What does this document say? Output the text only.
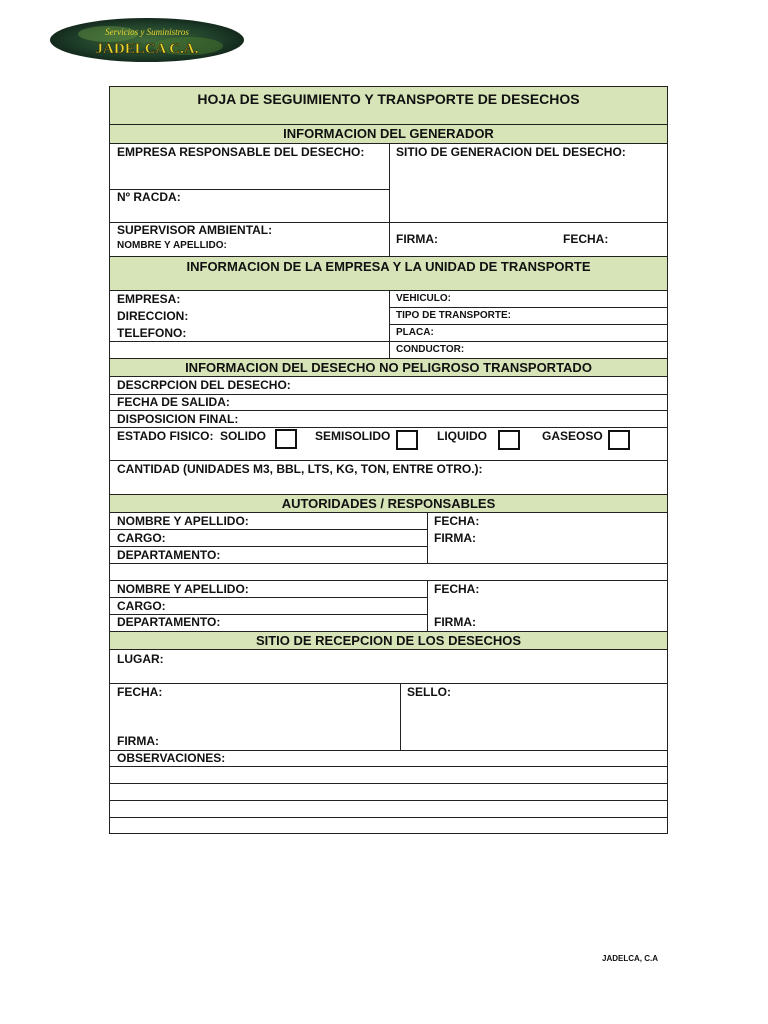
Servicios y Suministros
JADELCA C.A.
HOJA DE SEGUIMIENTO Y TRANSPORTE DE DESECHOS
INFORMACION DEL GENERADOR
EMPRESA RESPONSABLE DEL DESECHO:	SITIO DE GENERACION DEL DESECHO:
Nº RACDA:
SUPERVISOR AMBIENTAL:
NOMBRE Y APELLIDO:	FIRMA:	FECHA:
INFORMACION DE LA EMPRESA Y LA UNIDAD DE TRANSPORTE
EMPRESA:	VEHICULO:
DIRECCION:	TIPO DE TRANSPORTE:
TELEFONO:	PLACA:
CONDUCTOR:
INFORMACION DEL DESECHO NO PELIGROSO TRANSPORTADO
DESCRPCION DEL DESECHO:
FECHA DE SALIDA:
DISPOSICION FINAL:
ESTADO FISICO: SOLIDO	SEMISOLIDO	LIQUIDO	GASEOSO
CANTIDAD (UNIDADES M3, BBL, LTS, KG, TON, ENTRE OTRO.):
AUTORIDADES / RESPONSABLES
NOMBRE Y APELLIDO:	FECHA:
CARGO:	FIRMA:
DEPARTAMENTO:
NOMBRE Y APELLIDO:	FECHA:
CARGO:
DEPARTAMENTO:	FIRMA:
SITIO DE RECEPCION DE LOS DESECHOS
LUGAR:
FECHA:	SELLO:
FIRMA:
OBSERVACIONES:
JADELCA, C.A
